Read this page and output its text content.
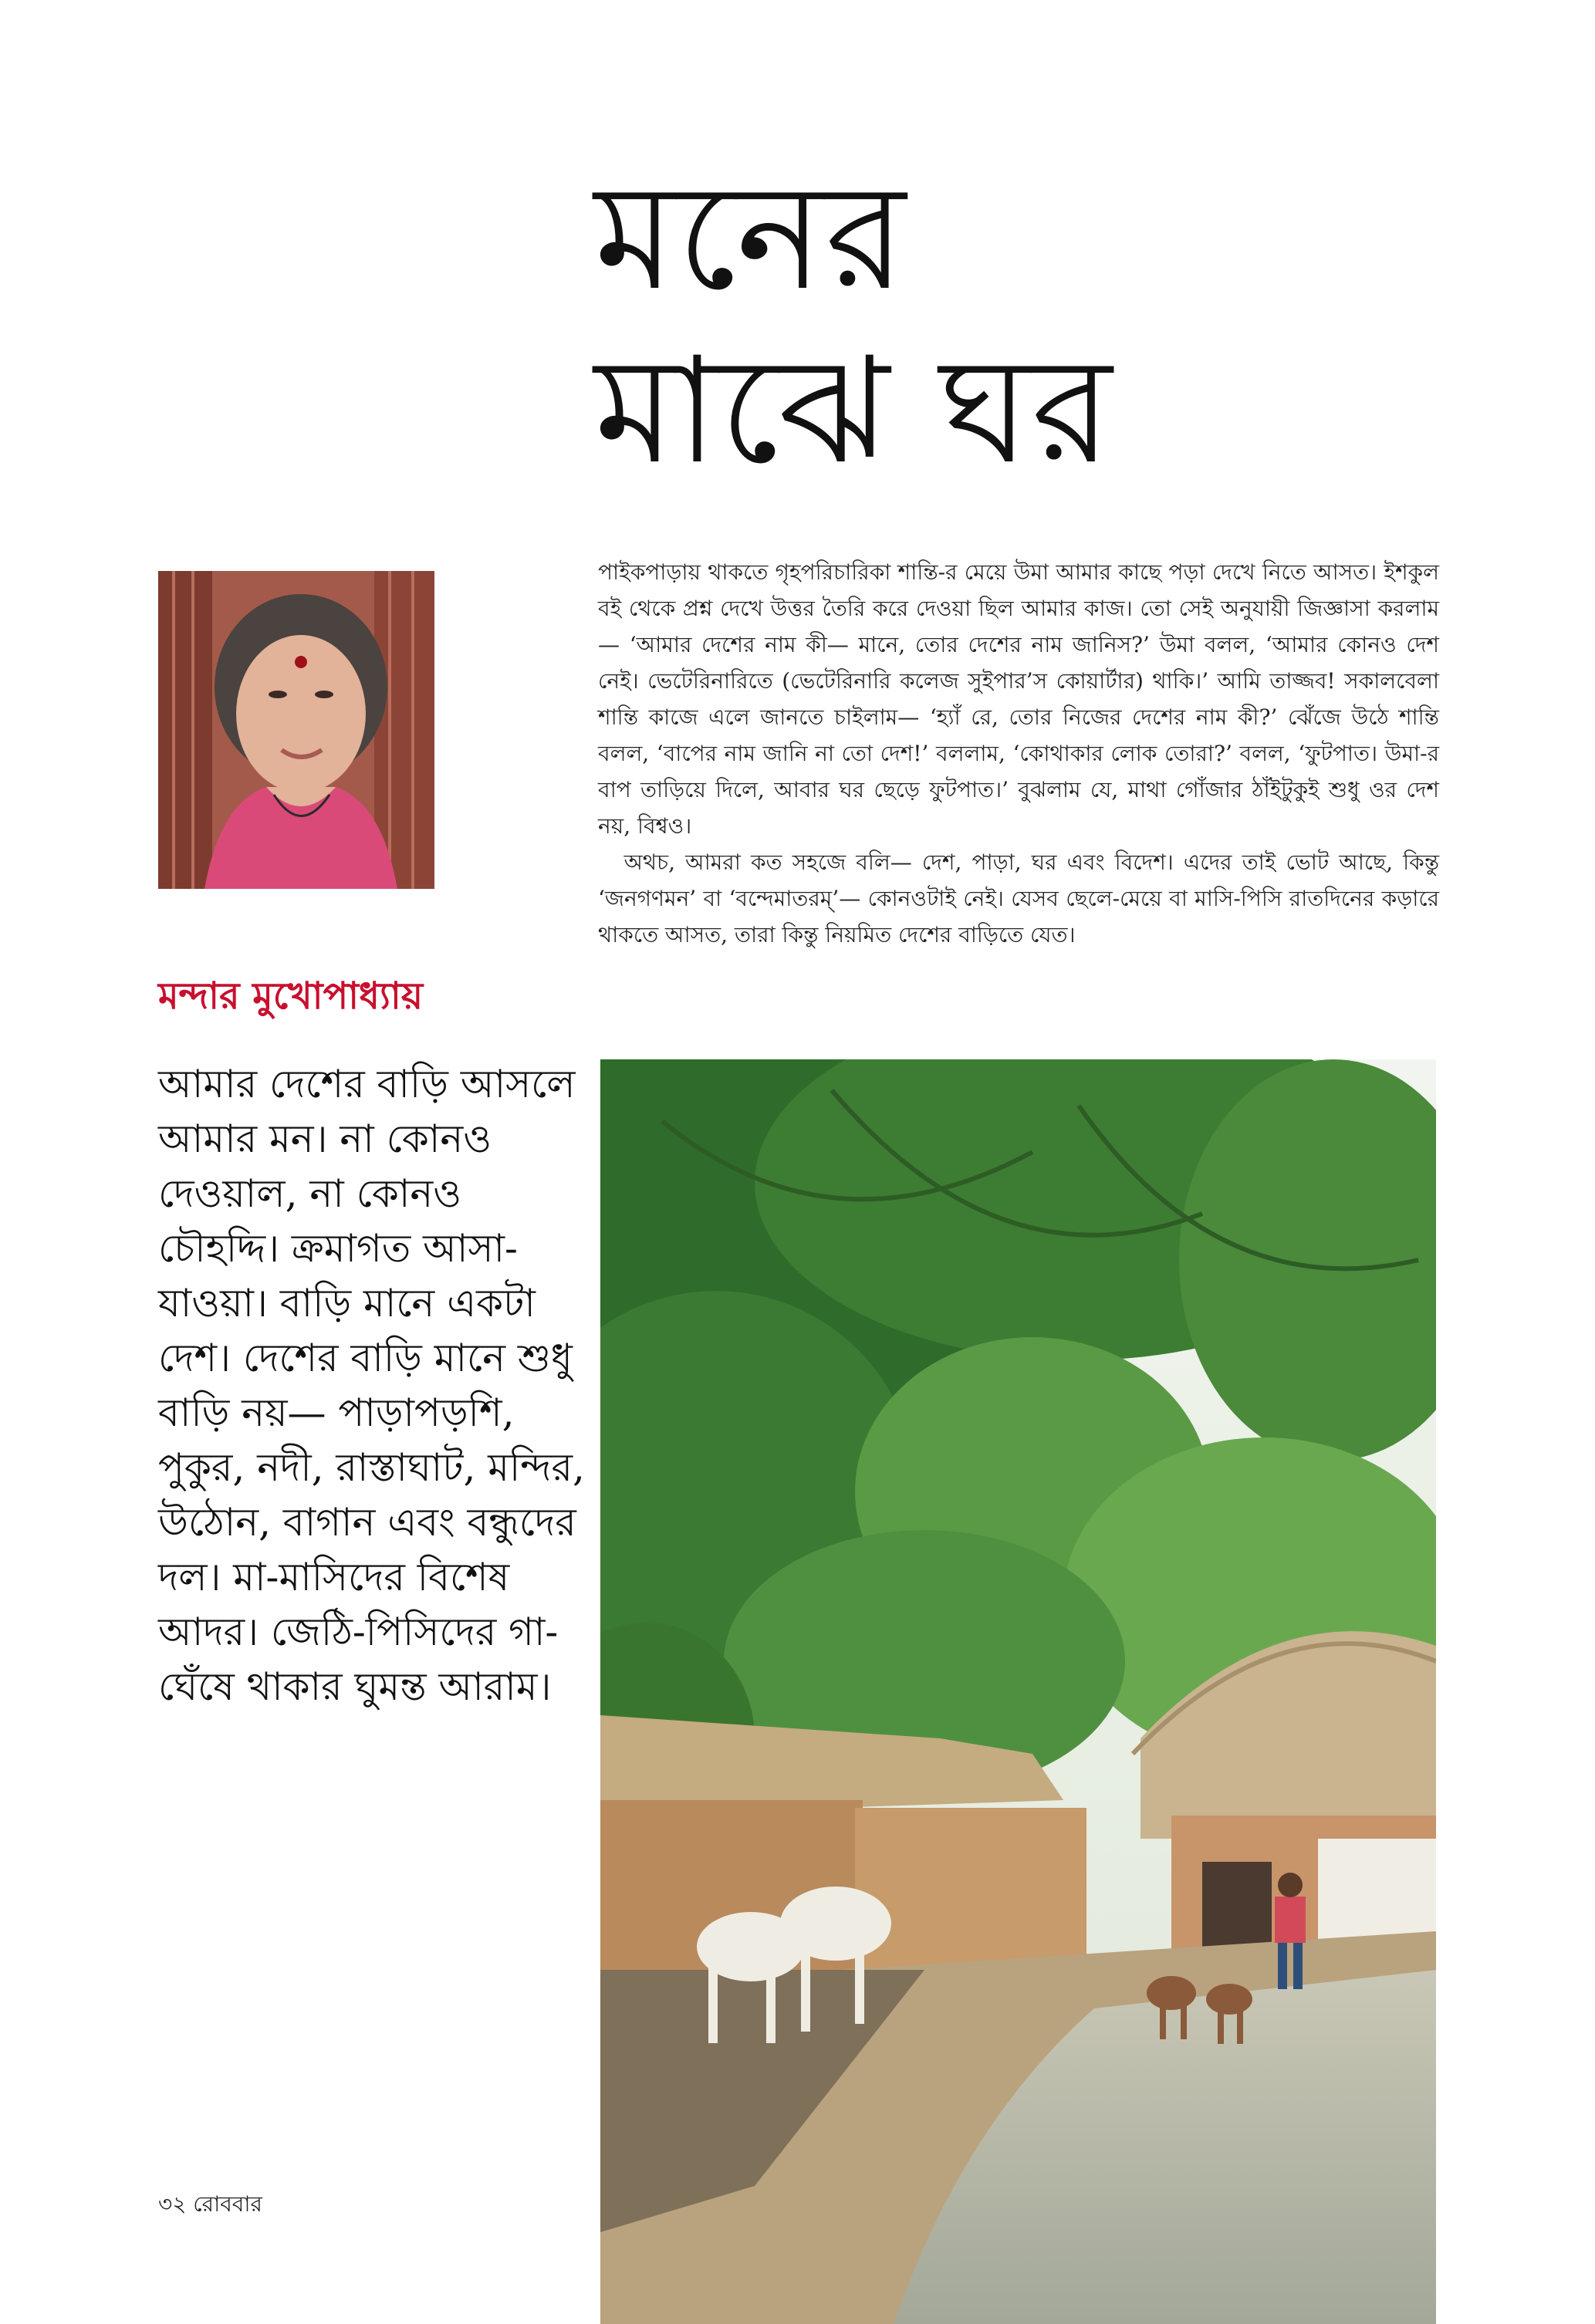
মনের
মাঝে ঘর
মন্দার মুখোপাধ্যায়

আমার দেশের বাড়ি আসলে আমার মন। না কোনও দেওয়াল, না কোনও চৌহদ্দি। ক্রমাগত আসা-যাওয়া। বাড়ি মানে একটা দেশ। দেশের বাড়ি মানে শুধু বাড়ি নয়— পাড়াপড়শি, পুকুর, নদী, রাস্তাঘাট, মন্দির, উঠোন, বাগান এবং বন্ধুদের দল। মা-মাসিদের বিশেষ আদর। জেঠি-পিসিদের গা-ঘেঁষে থাকার ঘুমন্ত আরাম।

পাইকপাড়ায় থাকতে গৃহপরিচারিকা শান্তি-র মেয়ে উমা আমার কাছে পড়া দেখে নিতে আসত। ইশকুল বই থেকে প্রশ্ন দেখে উত্তর তৈরি করে দেওয়া ছিল আমার কাজ। তো সেই অনুযায়ী জিজ্ঞাসা করলাম— ‘আমার দেশের নাম কী— মানে, তোর দেশের নাম জানিস?’ উমা বলল, ‘আমার কোনও দেশ নেই। ভেটেরিনারিতে (ভেটেরিনারি কলেজ সুইপার’স কোয়ার্টার) থাকি।’ আমি তাজ্জব! সকালবেলা শান্তি কাজে এলে জানতে চাইলাম— ‘হ্যাঁ রে, তোর নিজের দেশের নাম কী?’ ঝেঁজে উঠে শান্তি বলল, ‘বাপের নাম জানি না তো দেশ!’ বললাম, ‘কোথাকার লোক তোরা?’ বলল, ‘ফুটপাত। উমা-র বাপ তাড়িয়ে দিলে, আবার ঘর ছেড়ে ফুটপাত।’ বুঝলাম যে, মাথা গোঁজার ঠাঁইটুকুই শুধু ওর দেশ নয়, বিশ্বও।

অথচ, আমরা কত সহজে বলি— দেশ, পাড়া, ঘর এবং বিদেশ। এদের তাই ভোট আছে, কিন্তু ‘জনগণমন’ বা ‘বন্দেমাতরম্’— কোনওটাই নেই। যেসব ছেলে-মেয়ে বা মাসি-পিসি রাতদিনের কড়ারে থাকতে আসত, তারা কিন্তু নিয়মিত দেশের বাড়িতে যেত।

৩২ রোববার
